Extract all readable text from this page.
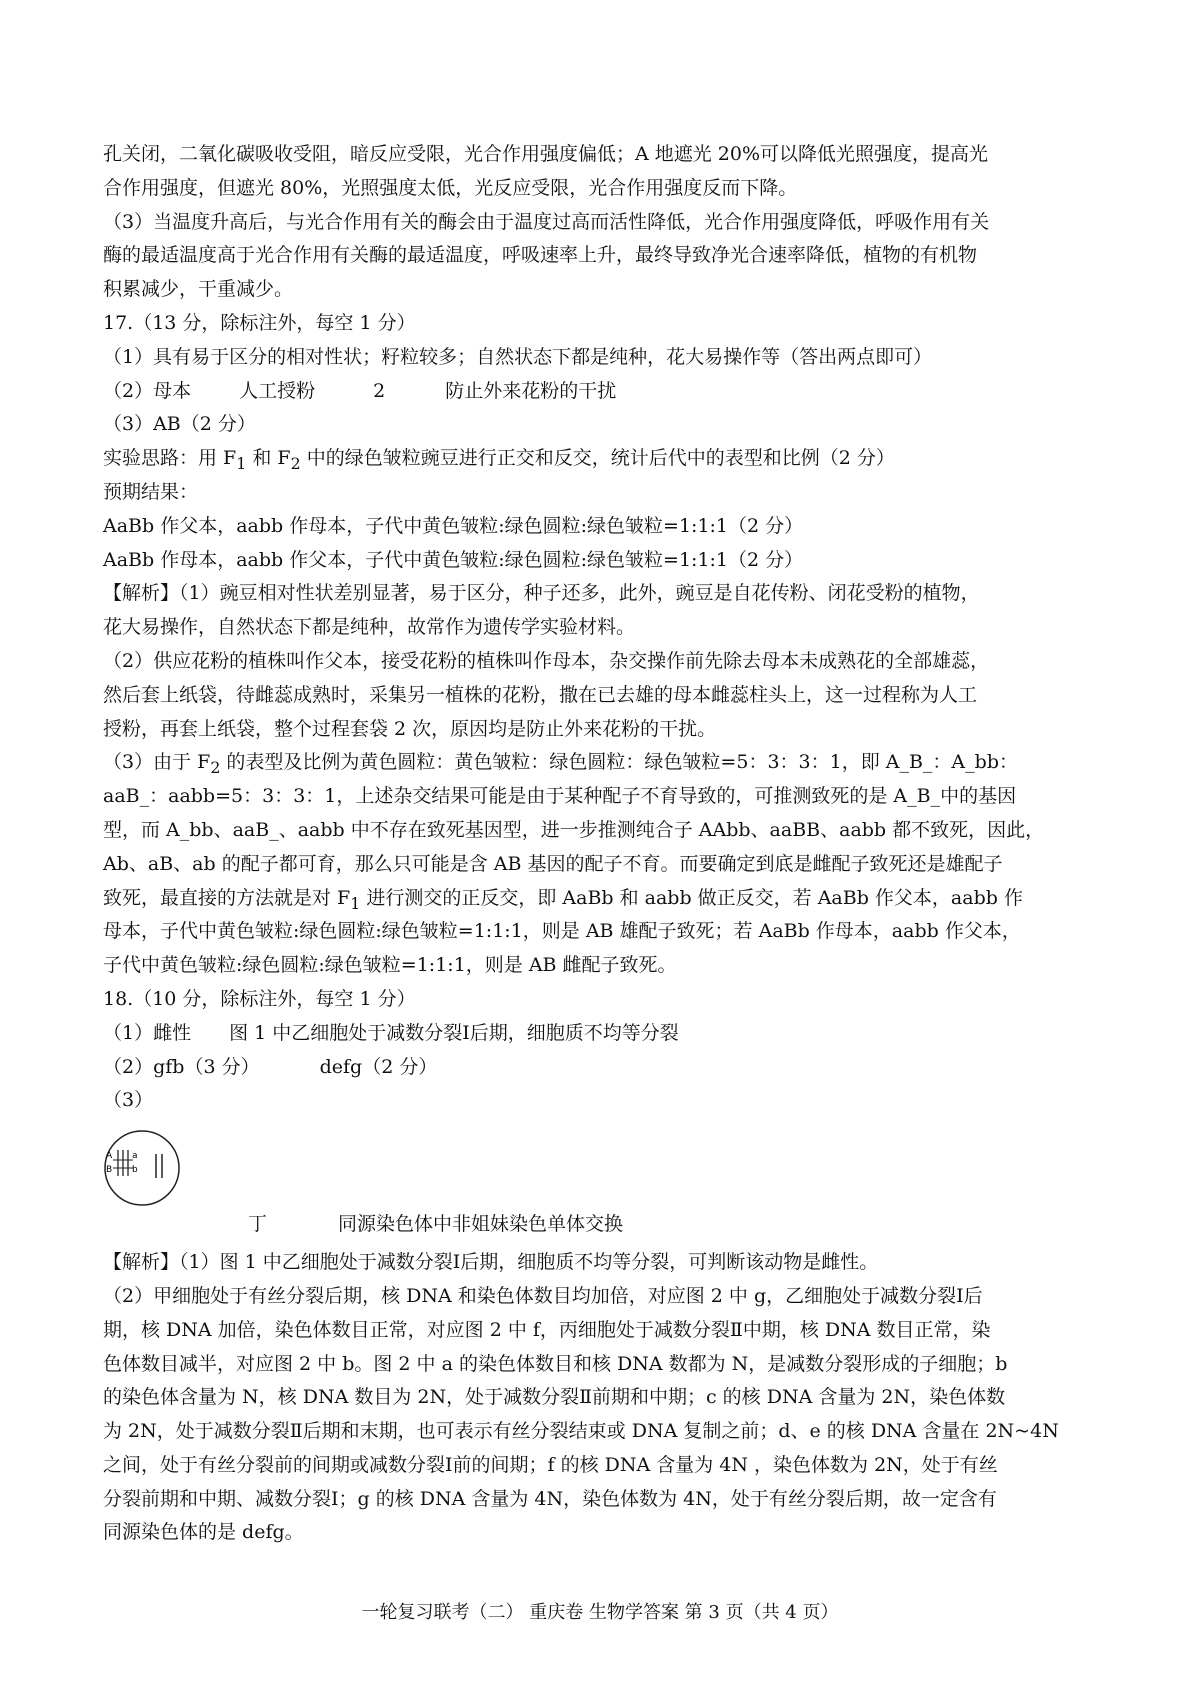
孔关闭，二氧化碳吸收受阻，暗反应受限，光合作用强度偏低；A 地遮光 20%可以降低光照强度，提高光
合作用强度，但遮光 80%，光照强度太低，光反应受限，光合作用强度反而下降。
（3）当温度升高后，与光合作用有关的酶会由于温度过高而活性降低，光合作用强度降低，呼吸作用有关
酶的最适温度高于光合作用有关酶的最适温度，呼吸速率上升，最终导致净光合速率降低，植物的有机物
积累减少，干重减少。
17.（13 分，除标注外，每空 1 分）
（1）具有易于区分的相对性状；籽粒较多；自然状态下都是纯种，花大易操作等（答出两点即可）
（2）母本	人工授粉	2	防止外来花粉的干扰
（3）AB（2 分）
实验思路：用 $F_1$ 和 $F_2$ 中的绿色皱粒豌豆进行正交和反交，统计后代中的表型和比例（2 分）
预期结果：
AaBb 作父本，aabb 作母本，子代中黄色皱粒:绿色圆粒:绿色皱粒=1:1:1（2 分）
AaBb 作母本，aabb 作父本，子代中黄色皱粒:绿色圆粒:绿色皱粒=1:1:1（2 分）
【解析】（1）豌豆相对性状差别显著，易于区分，种子还多，此外，豌豆是自花传粉、闭花受粉的植物，
花大易操作，自然状态下都是纯种，故常作为遗传学实验材料。
（2）供应花粉的植株叫作父本，接受花粉的植株叫作母本，杂交操作前先除去母本未成熟花的全部雄蕊，
然后套上纸袋，待雌蕊成熟时，采集另一植株的花粉，撒在已去雄的母本雌蕊柱头上，这一过程称为人工
授粉，再套上纸袋，整个过程套袋 2 次，原因均是防止外来花粉的干扰。
（3）由于 $F_2$ 的表型及比例为黄色圆粒：黄色皱粒：绿色圆粒：绿色皱粒=5：3：3：1，即 A_B_：A_bb：
aaB_：aabb=5：3：3：1，上述杂交结果可能是由于某种配子不育导致的，可推测致死的是 A_B_中的基因
型，而 A_bb、aaB_、aabb 中不存在致死基因型，进一步推测纯合子 AAbb、aaBB、aabb 都不致死，因此，
Ab、aB、ab 的配子都可育，那么只可能是含 AB 基因的配子不育。而要确定到底是雌配子致死还是雄配子
致死，最直接的方法就是对 $F_1$ 进行测交的正反交，即 AaBb 和 aabb 做正反交，若 AaBb 作父本，aabb 作
母本，子代中黄色皱粒:绿色圆粒:绿色皱粒=1:1:1，则是 AB 雄配子致死；若 AaBb 作母本，aabb 作父本，
子代中黄色皱粒:绿色圆粒:绿色皱粒=1:1:1，则是 AB 雌配子致死。
18.（10 分，除标注外，每空 1 分）
（1）雌性 图 1 中乙细胞处于减数分裂Ⅰ后期，细胞质不均等分裂
（2）gfb（3 分）	defg（2 分）
（3）
A a
B b
丁	同源染色体中非姐妹染色单体交换
【解析】（1）图 1 中乙细胞处于减数分裂Ⅰ后期，细胞质不均等分裂，可判断该动物是雌性。
（2）甲细胞处于有丝分裂后期，核 DNA 和染色体数目均加倍，对应图 2 中 g，乙细胞处于减数分裂Ⅰ后
期，核 DNA 加倍，染色体数目正常，对应图 2 中 f，丙细胞处于减数分裂Ⅱ中期，核 DNA 数目正常，染
色体数目减半，对应图 2 中 b。图 2 中 a 的染色体数目和核 DNA 数都为 N，是减数分裂形成的子细胞；b
的染色体含量为 N，核 DNA 数目为 2N，处于减数分裂Ⅱ前期和中期；c 的核 DNA 含量为 2N，染色体数
为 2N，处于减数分裂Ⅱ后期和末期，也可表示有丝分裂结束或 DNA 复制之前；d、e 的核 DNA 含量在 2N~4N
之间，处于有丝分裂前的间期或减数分裂Ⅰ前的间期；f 的核 DNA 含量为 4N ，染色体数为 2N，处于有丝
分裂前期和中期、减数分裂Ⅰ；g 的核 DNA 含量为 4N，染色体数为 4N，处于有丝分裂后期，故一定含有
同源染色体的是 defg。
一轮复习联考（二） 重庆卷 生物学答案 第 3 页（共 4 页）
